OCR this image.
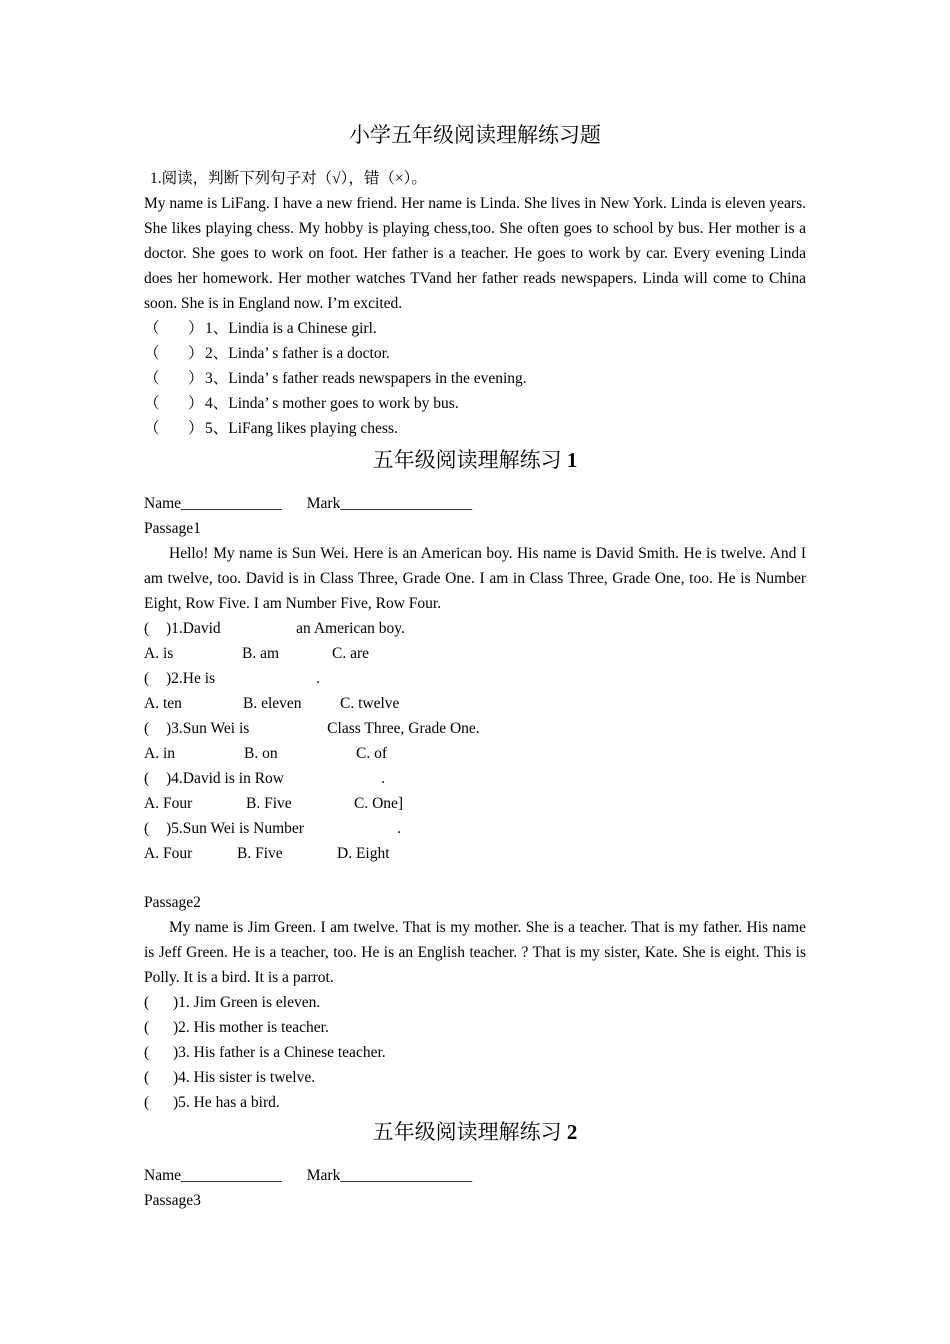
小学五年级阅读理解练习题
1.阅读，判断下列句子对（√），错（×）。
My name is LiFang. I have a new friend. Her name is Linda. She lives in New York. Linda is eleven years. She likes playing chess. My hobby is playing chess,too. She often goes to school by bus. Her mother is a doctor. She goes to work on foot. Her father is a teacher. He goes to work by car. Every evening Linda does her homework. Her mother watches TVand her father reads newspapers. Linda will come to China soon. She is in England now. I’m excited.
（ ）1、Lindia is a Chinese girl.
（ ）2、Linda’ s father is a doctor.
（ ）3、Linda’ s father reads newspapers in the evening.
（ ）4、Linda’ s mother goes to work by bus.
（ ）5、LiFang likes playing chess.
五年级阅读理解练习 1
Name_____________ Mark_________________
Passage1
Hello! My name is Sun Wei. Here is an American boy. His name is David Smith. He is twelve. And I am twelve, too. David is in Class Three, Grade One. I am in Class Three, Grade One, too. He is Number Eight, Row Five. I am Number Five, Row Four.
( )1.David	an American boy.
A. is	B. am	C. are
( )2.He is	.
A. ten	B. eleven C. twelve
( )3.Sun Wei is	Class Three, Grade One.
A. in	B. on	C. of
( )4.David is in Row	.
A. Four	B. Five	C. One]
( )5.Sun Wei is Number	.
A. Four	B. Five	D. Eight
Passage2
My name is Jim Green. I am twelve. That is my mother. She is a teacher. That is my father. His name is Jeff Green. He is a teacher, too. He is an English teacher. ? That is my sister, Kate. She is eight. This is Polly. It is a bird. It is a parrot.
( )1. Jim Green is eleven.
( )2. His mother is teacher.
( )3. His father is a Chinese teacher.
( )4. His sister is twelve.
( )5. He has a bird.
五年级阅读理解练习 2
Name_____________ Mark_________________
Passage3
